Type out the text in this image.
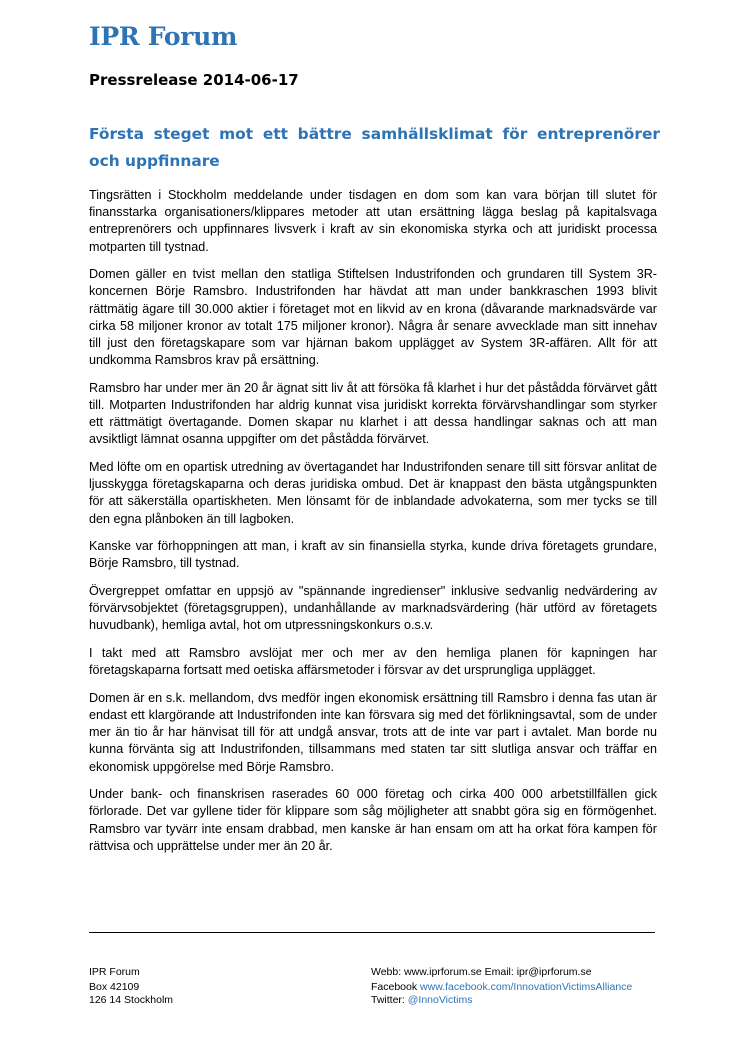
IPR Forum
Pressrelease 2014-06-17
Första steget mot ett bättre samhällsklimat för entreprenörer och uppfinnare

Tingsrätten i Stockholm meddelande under tisdagen en dom som kan vara början till slutet för finansstarka organisationers/klippares metoder att utan ersättning lägga beslag på kapitalsvaga entreprenörers och uppfinnares livsverk i kraft av sin ekonomiska styrka och att juridiskt processa motparten till tystnad.

Domen gäller en tvist mellan den statliga Stiftelsen Industrifonden och grundaren till System 3R-koncernen Börje Ramsbro. Industrifonden har hävdat att man under bankkraschen 1993 blivit rättmätig ägare till 30.000 aktier i företaget mot en likvid av en krona (dåvarande marknadsvärde var cirka 58 miljoner kronor av totalt 175 miljoner kronor). Några år senare avvecklade man sitt innehav till just den företagskapare som var hjärnan bakom upplägget av System 3R-affären. Allt för att undkomma Ramsbros krav på ersättning.

Ramsbro har under mer än 20 år ägnat sitt liv åt att försöka få klarhet i hur det påstådda förvärvet gått till. Motparten Industrifonden har aldrig kunnat visa juridiskt korrekta förvärvshandlingar som styrker ett rättmätigt övertagande. Domen skapar nu klarhet i att dessa handlingar saknas och att man avsiktligt lämnat osanna uppgifter om det påstådda förvärvet.

Med löfte om en opartisk utredning av övertagandet har Industrifonden senare till sitt försvar anlitat de ljusskygga företagskaparna och deras juridiska ombud. Det är knappast den bästa utgångspunkten för att säkerställa opartiskheten. Men lönsamt för de inblandade advokaterna, som mer tycks se till den egna plånboken än till lagboken.

Kanske var förhoppningen att man, i kraft av sin finansiella styrka, kunde driva företagets grundare, Börje Ramsbro, till tystnad.

Övergreppet omfattar en uppsjö av "spännande ingredienser" inklusive sedvanlig nedvärdering av förvärvsobjektet (företagsgruppen), undanhållande av marknadsvärdering (här utförd av företagets huvudbank), hemliga avtal, hot om utpressningskonkurs o.s.v.

I takt med att Ramsbro avslöjat mer och mer av den hemliga planen för kapningen har företagskaparna fortsatt med oetiska affärsmetoder i försvar av det ursprungliga upplägget.

Domen är en s.k. mellandom, dvs medför ingen ekonomisk ersättning till Ramsbro i denna fas utan är endast ett klargörande att Industrifonden inte kan försvara sig med det förlikningsavtal, som de under mer än tio år har hänvisat till för att undgå ansvar, trots att de inte var part i avtalet. Man borde nu kunna förvänta sig att Industrifonden, tillsammans med staten tar sitt slutliga ansvar och träffar en ekonomisk uppgörelse med Börje Ramsbro.

Under bank- och finanskrisen raserades 60 000 företag och cirka 400 000 arbetstillfällen gick förlorade. Det var gyllene tider för klippare som såg möjligheter att snabbt göra sig en förmögenhet. Ramsbro var tyvärr inte ensam drabbad, men kanske är han ensam om att ha orkat föra kampen för rättvisa och upprättelse under mer än 20 år.

IPR Forum
Box 42109
126 14 Stockholm
Webb: www.iprforum.se Email: ipr@iprforum.se
Facebook www.facebook.com/InnovationVictimsAlliance
Twitter: @InnoVictims
